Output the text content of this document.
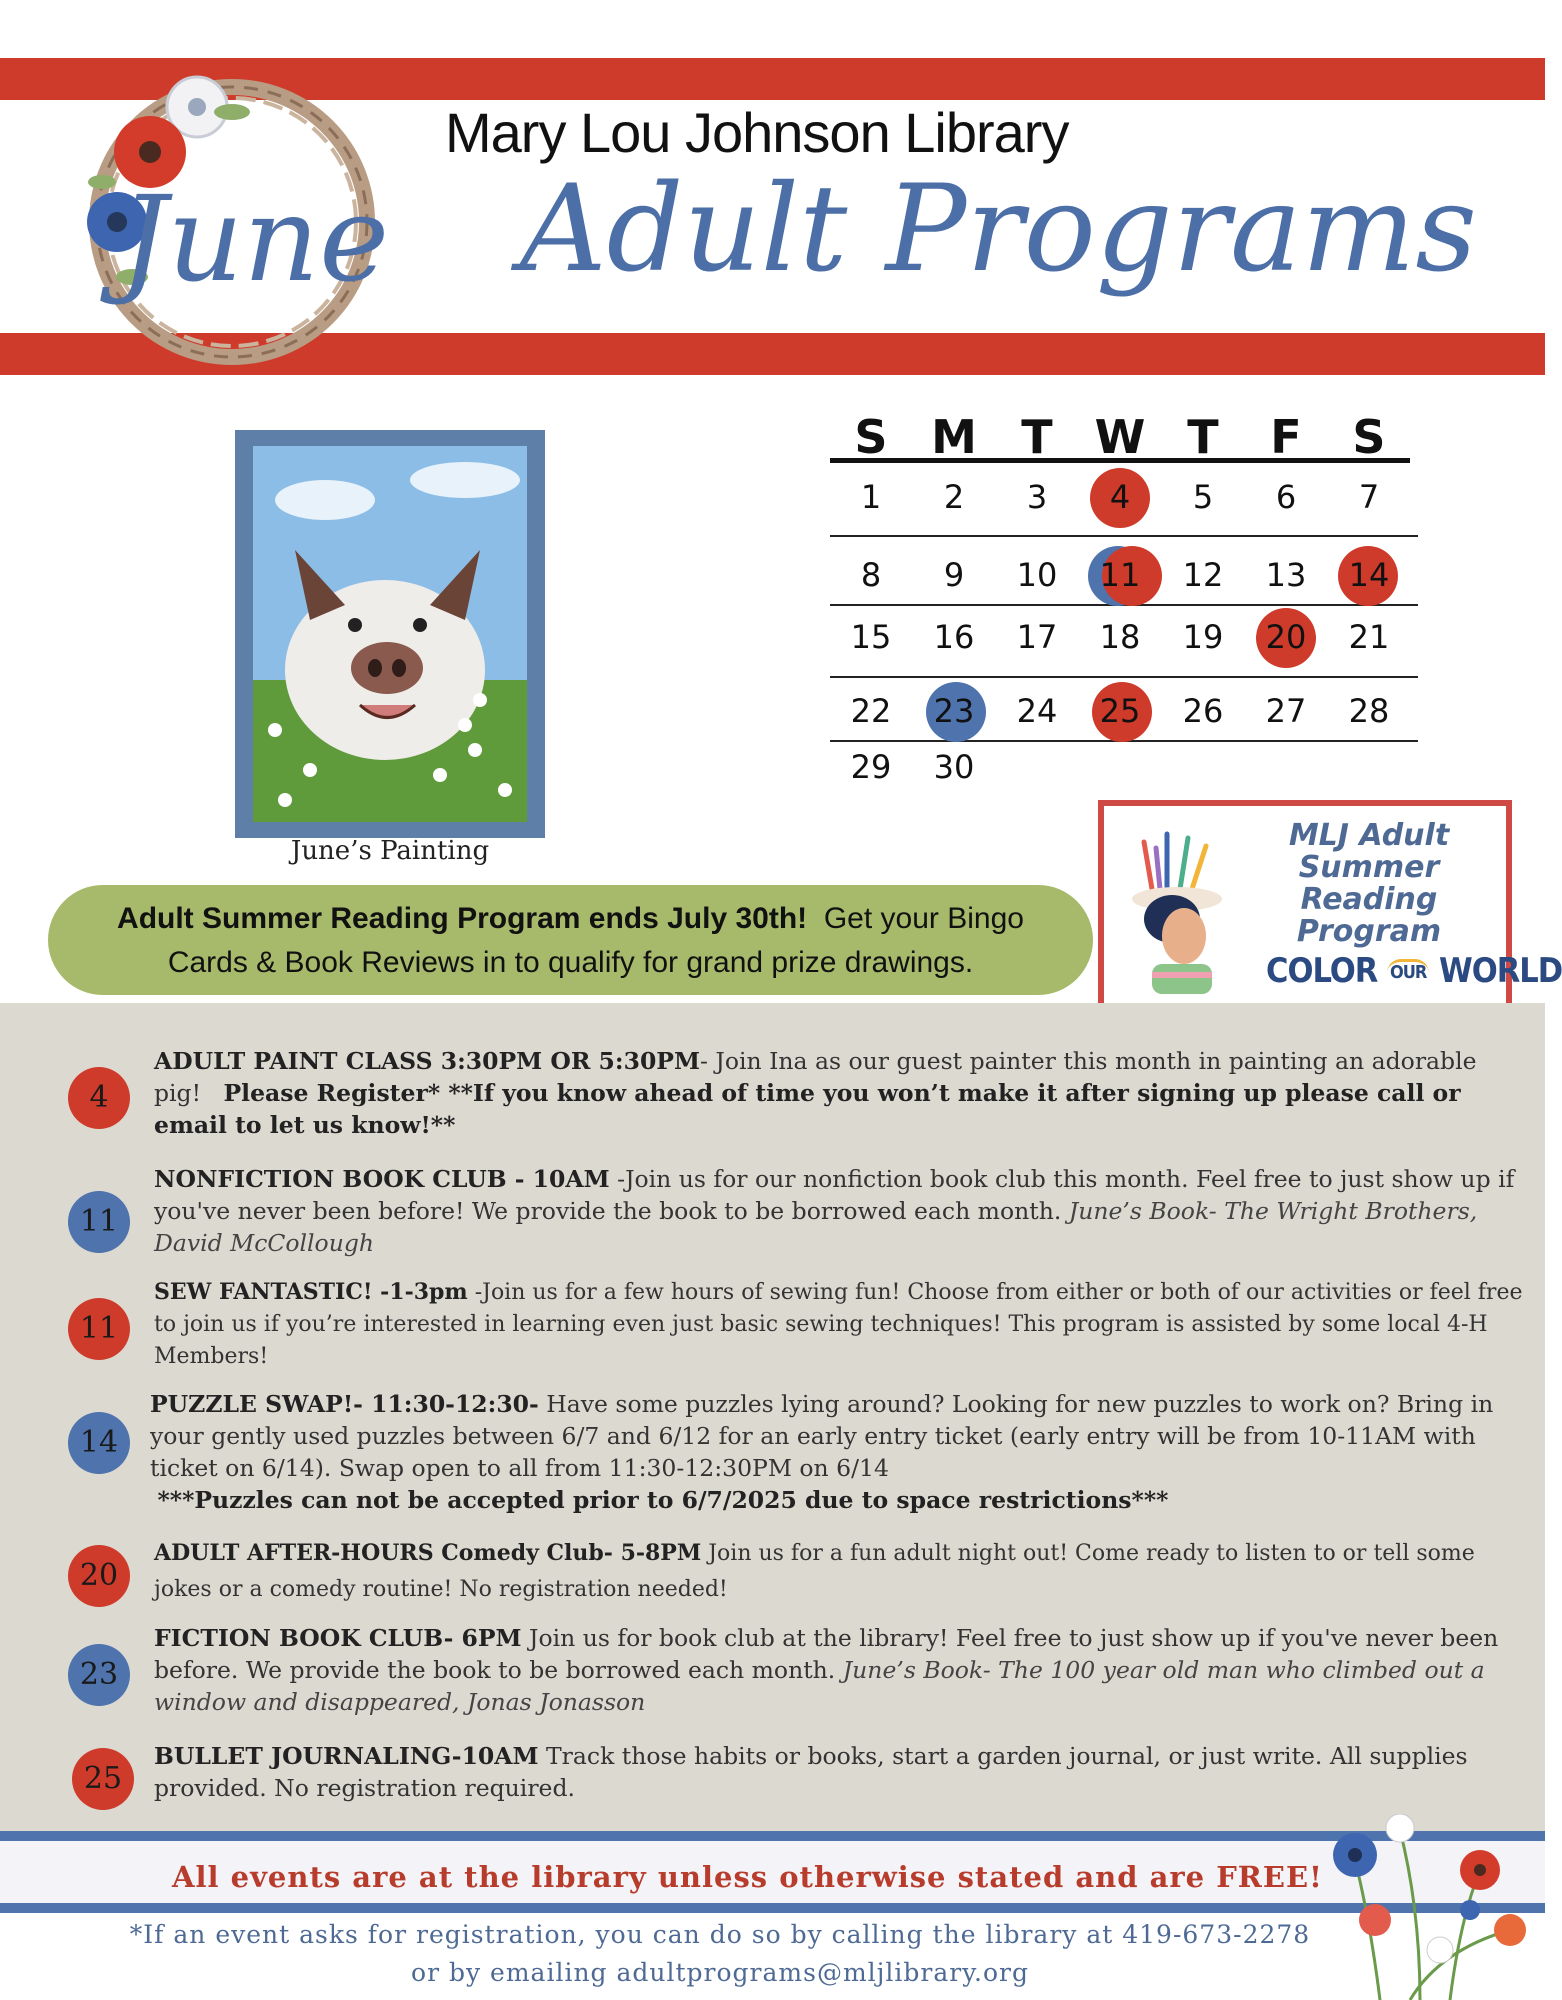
Mary Lou Johnson Library
June Adult Programs
June’s Painting
S M T W T	F	S
1	2	3	4	5	6	7
8	9	10	11	12	13	14
15	16	17	18	19	20	21
22	23	24	25	26	27	28
29	30
MLJ Adult Summer
Reading Program
COLOR OUR WORLD
Adult Summer Reading Program ends July 30th! Get your Bingo
Cards & Book Reviews in to qualify for grand prize drawings.
4
ADULT PAINT CLASS 3:30PM OR 5:30PM- Join Ina as our guest painter this month in painting an adorable pig! Please Register* **If you know ahead of time you won’t make it after signing up please call or email to let us know!**
11
NONFICTION BOOK CLUB - 10AM -Join us for our nonfiction book club this month. Feel free to just show up if you've never been before! We provide the book to be borrowed each month. June’s Book- The Wright Brothers, David McCollough
11
SEW FANTASTIC! -1-3pm -Join us for a few hours of sewing fun! Choose from either or both of our activities or feel free to join us if you’re interested in learning even just basic sewing techniques! This program is assisted by some local 4-H Members!
14
PUZZLE SWAP!- 11:30-12:30- Have some puzzles lying around? Looking for new puzzles to work on? Bring in your gently used puzzles between 6/7 and 6/12 for an early entry ticket (early entry will be from 10-11AM with ticket on 6/14). Swap open to all from 11:30-12:30PM on 6/14
***Puzzles can not be accepted prior to 6/7/2025 due to space restrictions***
20
ADULT AFTER-HOURS Comedy Club- 5-8PM Join us for a fun adult night out! Come ready to listen to or tell some jokes or a comedy routine! No registration needed!
23
FICTION BOOK CLUB- 6PM Join us for book club at the library! Feel free to just show up if you've never been before. We provide the book to be borrowed each month. June’s Book- The 100 year old man who climbed out a window and disappeared, Jonas Jonasson
25
BULLET JOURNALING-10AM Track those habits or books, start a garden journal, or just write. All supplies provided. No registration required.
All events are at the library unless otherwise stated and are FREE!
*If an event asks for registration, you can do so by calling the library at 419-673-2278
or by emailing adultprograms@mljlibrary.org
